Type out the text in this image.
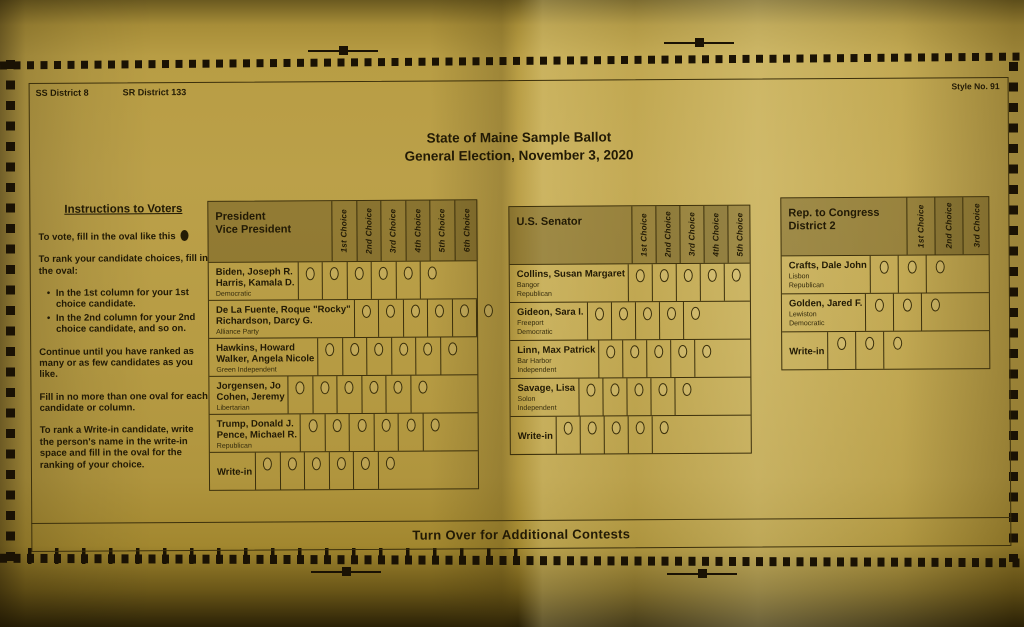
SS District 8	SR District 133
Style No. 91
State of Maine Sample Ballot
General Election, November 3, 2020
Instructions to Voters

To vote, fill in the oval like this

To rank your candidate choices, fill in the oval:

• In the 1st column for your 1st choice candidate.
• In the 2nd column for your 2nd choice candidate, and so on.

Continue until you have ranked as many or as few candidates as you like.

Fill in no more than one oval for each candidate or column.

To rank a Write-in candidate, write the person's name in the write-in space and fill in the oval for the ranking of your choice.

President
Vice President	1st Choice 2nd Choice 3rd Choice 4th Choice 5th Choice 6th Choice
Biden, Joseph R.
Harris, Kamala D.
Democratic
De La Fuente, Roque "Rocky"
Richardson, Darcy G.
Alliance Party
Hawkins, Howard
Walker, Angela Nicole
Green Independent
Jorgensen, Jo
Cohen, Jeremy
Libertarian
Trump, Donald J.
Pence, Michael R.
Republican
Write-in
U.S. Senator	1st Choice 2nd Choice 3rd Choice 4th Choice 5th Choice
Collins, Susan Margaret
Bangor
Republican
Gideon, Sara I.
Freeport
Democratic
Linn, Max Patrick
Bar Harbor
Independent
Savage, Lisa
Solon
Independent
Write-in
Rep. to Congress
District 2	1st Choice 2nd Choice 3rd Choice
Crafts, Dale John
Lisbon
Republican
Golden, Jared F.
Lewiston
Democratic
Write-in
Turn Over for Additional Contests
